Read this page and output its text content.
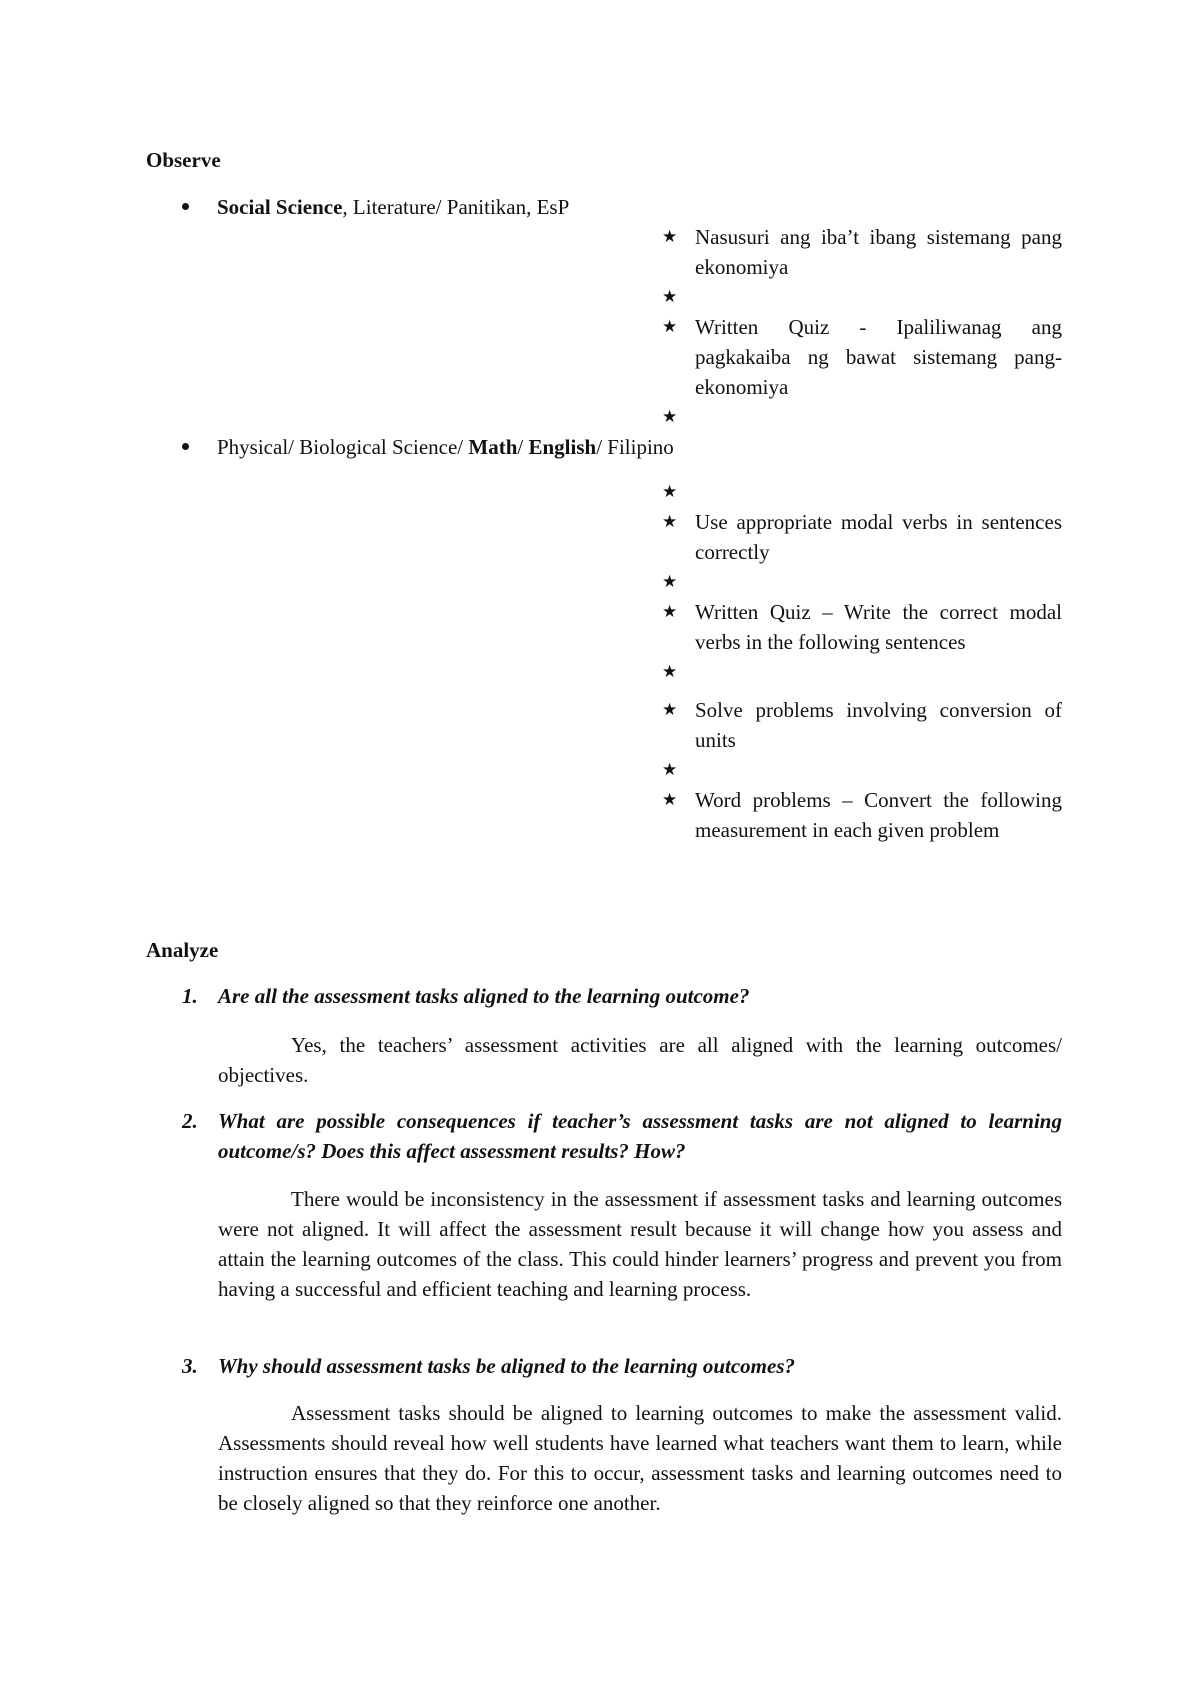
Observe
Social Science, Literature/ Panitikan, EsP
★ Nasusuri ang iba’t ibang sistemang pang ekonomiya
★
★ Written Quiz - Ipaliliwanag ang pagkakaiba ng bawat sistemang pang-ekonomiya
★
Physical/ Biological Science/ Math/ English/ Filipino
★
★ Use appropriate modal verbs in sentences correctly
★
★ Written Quiz – Write the correct modal verbs in the following sentences
★
★ Solve problems involving conversion of units
★
★ Word problems – Convert the following measurement in each given problem
Analyze
1. Are all the assessment tasks aligned to the learning outcome?
Yes, the teachers’ assessment activities are all aligned with the learning outcomes/ objectives.
2. What are possible consequences if teacher’s assessment tasks are not aligned to learning outcome/s? Does this affect assessment results? How?
There would be inconsistency in the assessment if assessment tasks and learning outcomes were not aligned. It will affect the assessment result because it will change how you assess and attain the learning outcomes of the class. This could hinder learners’ progress and prevent you from having a successful and efficient teaching and learning process.
3. Why should assessment tasks be aligned to the learning outcomes?
Assessment tasks should be aligned to learning outcomes to make the assessment valid. Assessments should reveal how well students have learned what teachers want them to learn, while instruction ensures that they do. For this to occur, assessment tasks and learning outcomes need to be closely aligned so that they reinforce one another.
